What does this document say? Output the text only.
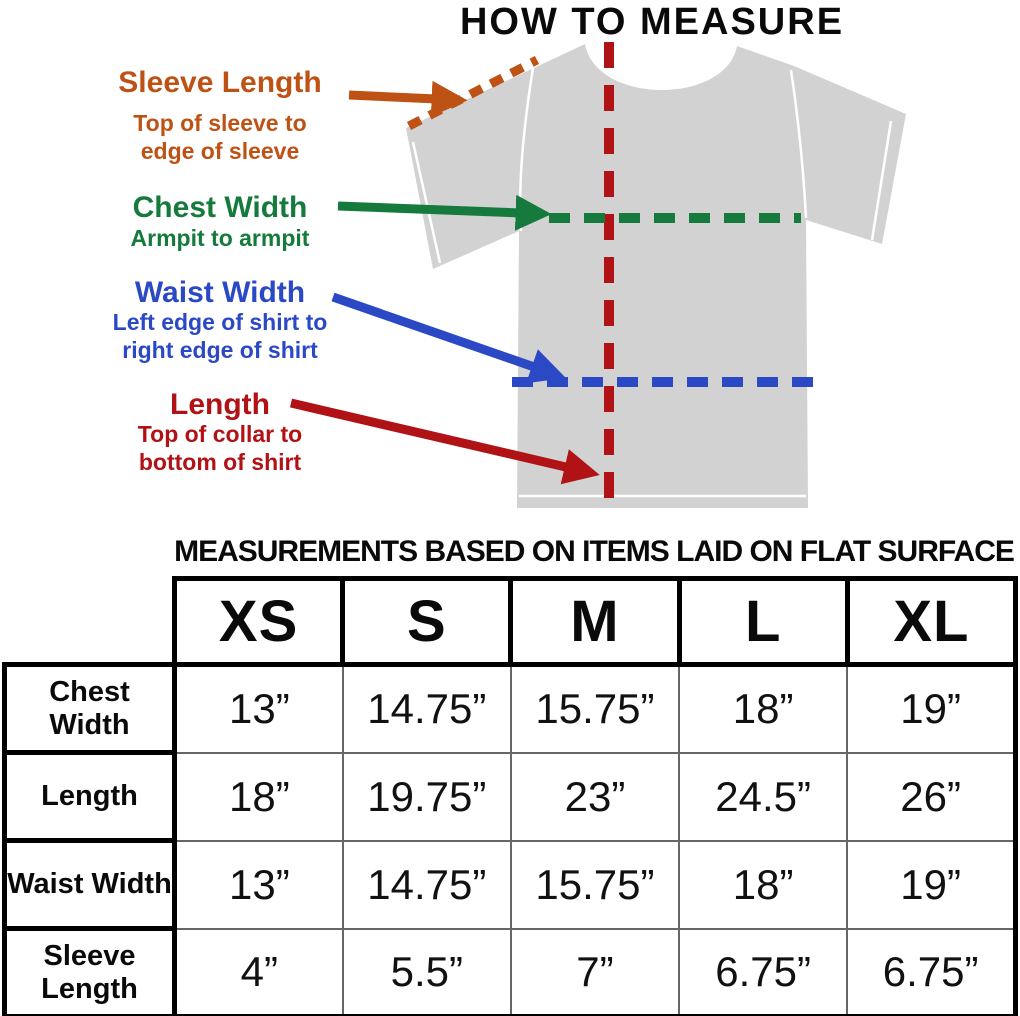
HOW TO MEASURE
Sleeve Length
Top of sleeve to edge of sleeve
Chest Width
Armpit to armpit
Waist Width
Left edge of shirt to right edge of shirt
Length
Top of collar to bottom of shirt
MEASUREMENTS BASED ON ITEMS LAID ON FLAT SURFACE
	XS	S	M	L	XL
Chest Width	13”	14.75”	15.75”	18”	19”
Length	18”	19.75”	23”	24.5”	26”
Waist Width	13”	14.75”	15.75”	18”	19”
Sleeve Length	4”	5.5”	7”	6.75”	6.75”
